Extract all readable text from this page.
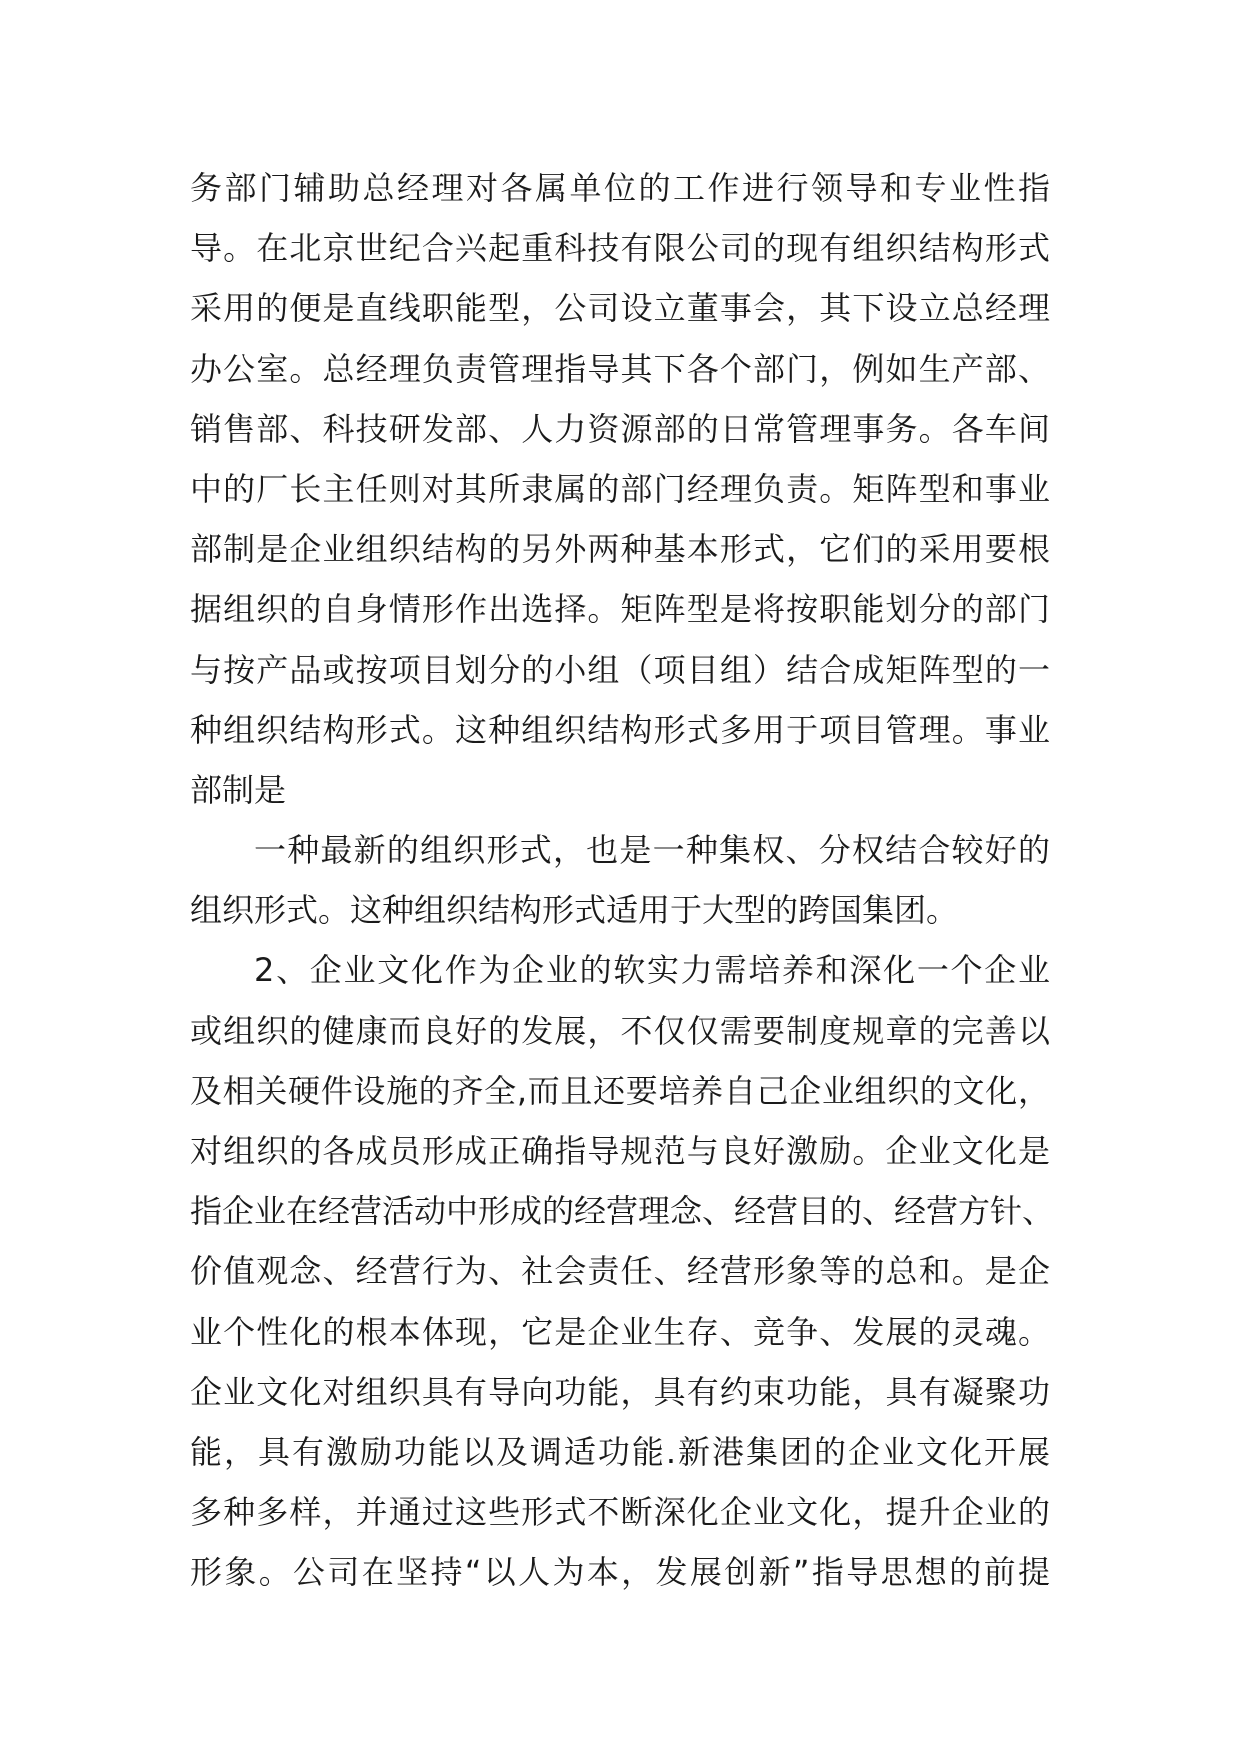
务部门辅助总经理对各属单位的工作进行领导和专业性指
导。在北京世纪合兴起重科技有限公司的现有组织结构形式
采用的便是直线职能型，公司设立董事会，其下设立总经理
办公室。总经理负责管理指导其下各个部门，例如生产部、
销售部、科技研发部、人力资源部的日常管理事务。各车间
中的厂长主任则对其所隶属的部门经理负责。矩阵型和事业
部制是企业组织结构的另外两种基本形式，它们的采用要根
据组织的自身情形作出选择。矩阵型是将按职能划分的部门
与按产品或按项目划分的小组（项目组）结合成矩阵型的一
种组织结构形式。这种组织结构形式多用于项目管理。事业
部制是
一种最新的组织形式，也是一种集权、分权结合较好的
组织形式。这种组织结构形式适用于大型的跨国集团。
2、企业文化作为企业的软实力需培养和深化一个企业
或组织的健康而良好的发展，不仅仅需要制度规章的完善以
及相关硬件设施的齐全,而且还要培养自己企业组织的文化，
对组织的各成员形成正确指导规范与良好激励。企业文化是
指企业在经营活动中形成的经营理念、经营目的、经营方针、
价值观念、经营行为、社会责任、经营形象等的总和。是企
业个性化的根本体现，它是企业生存、竞争、发展的灵魂。
企业文化对组织具有导向功能，具有约束功能，具有凝聚功
能，具有激励功能以及调适功能.新港集团的企业文化开展
多种多样，并通过这些形式不断深化企业文化，提升企业的
形象。公司在坚持“以人为本，发展创新”指导思想的前提
